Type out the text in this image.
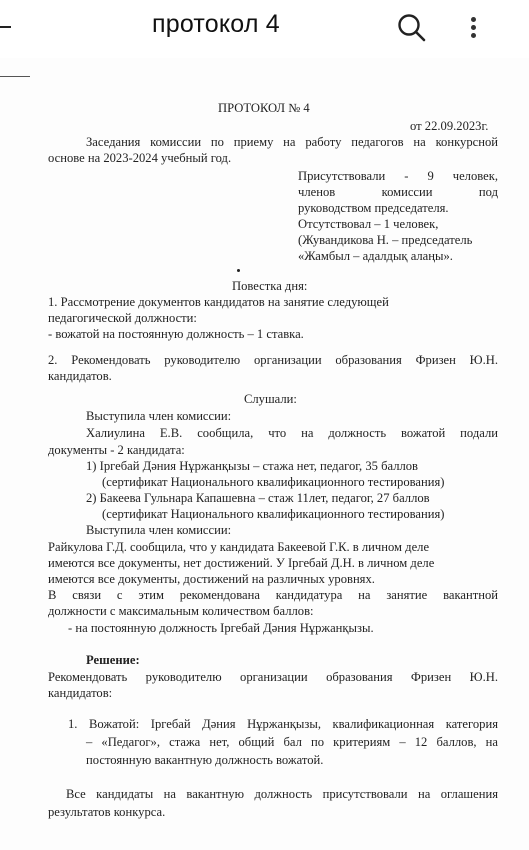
протокол 4
ПРОТОКОЛ № 4
от 22.09.2023г.
Заседания комиссии по приему на работу педагогов на конкурсной
основе на 2023-2024 учебный год.
Присутствовали - 9 человек,
членов комиссии под
руководством председателя.
Отсутствовал – 1 человек,
(Жувандикова Н. – председатель
«Жамбыл – адалдық алаңы».
Повестка дня:
1. Рассмотрение документов кандидатов на занятие следующей
педагогической должности:
- вожатой на постоянную должность – 1 ставка.
2. Рекомендовать руководителю организации образования Фризен Ю.Н.
кандидатов.
Слушали:
Выступила член комиссии:
Халиулина Е.В. сообщила, что на должность вожатой подали
документы - 2 кандидата:
1) Іргебай Дәния Нұржанқызы – стажа нет, педагог, 35 баллов
(сертификат Национального квалификационного тестирования)
2) Бакеева Гульнара Капашевна – стаж 11лет, педагог, 27 баллов
(сертификат Национального квалификационного тестирования)
Выступила член комиссии:
Райкулова Г.Д. сообщила, что у кандидата Бакеевой Г.К. в личном деле
имеются все документы, нет достижений. У Іргебай Д.Н. в личном деле
имеются все документы, достижений на различных уровнях.
В связи с этим рекомендована кандидатура на занятие вакантной
должности с максимальным количеством баллов:
- на постоянную должность Іргебай Дәния Нұржанқызы.
Решение:
Рекомендовать руководителю организации образования Фризен Ю.Н.
кандидатов:
1. Вожатой: Іргебай Дәния Нұржанқызы, квалификационная категория
– «Педагог», стажа нет, общий бал по критериям – 12 баллов, на
постоянную вакантную должность вожатой.
Все кандидаты на вакантную должность присутствовали на оглашения
результатов конкурса.
